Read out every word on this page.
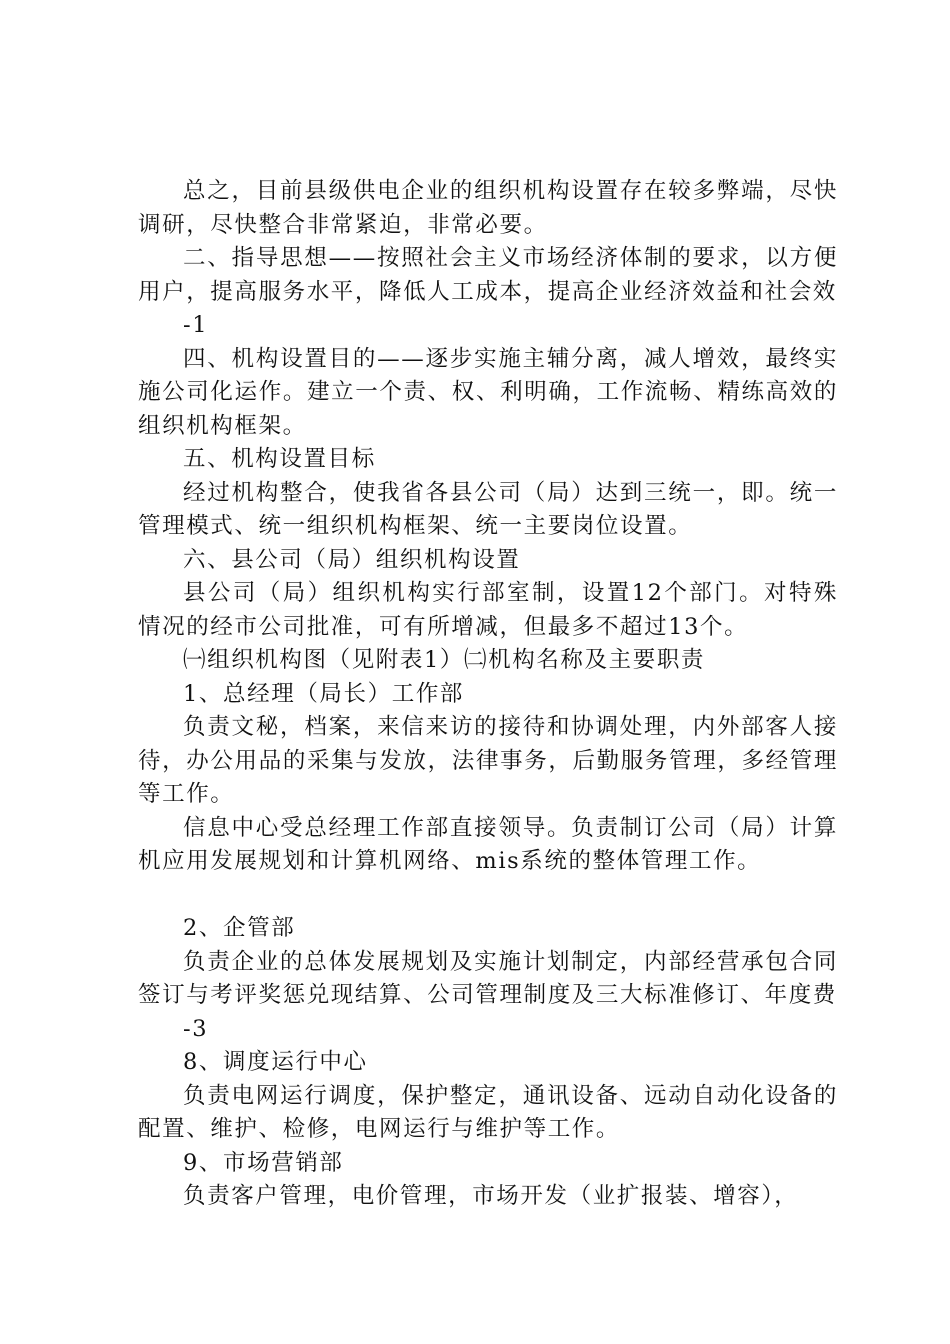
总之，目前县级供电企业的组织机构设置存在较多弊端，尽快调研，尽快整合非常紧迫，非常必要。

二、指导思想——按照社会主义市场经济体制的要求，以方便用户，提高服务水平，降低人工成本，提高企业经济效益和社会效

-1

四、机构设置目的——逐步实施主辅分离，减人增效，最终实施公司化运作。建立一个责、权、利明确，工作流畅、精练高效的组织机构框架。

五、机构设置目标

经过机构整合，使我省各县公司（局）达到三统一，即。统一管理模式、统一组织机构框架、统一主要岗位设置。

六、县公司（局）组织机构设置

县公司（局）组织机构实行部室制，设置12个部门。对特殊情况的经市公司批准，可有所增减，但最多不超过13个。

㈠组织机构图（见附表1）㈡机构名称及主要职责

1、总经理（局长）工作部

负责文秘，档案，来信来访的接待和协调处理，内外部客人接待，办公用品的采集与发放，法律事务，后勤服务管理，多经管理等工作。

信息中心受总经理工作部直接领导。负责制订公司（局）计算机应用发展规划和计算机网络、mis系统的整体管理工作。

2、企管部

负责企业的总体发展规划及实施计划制定，内部经营承包合同签订与考评奖惩兑现结算、公司管理制度及三大标准修订、年度费

-3

8、调度运行中心

负责电网运行调度，保护整定，通讯设备、远动自动化设备的配置、维护、检修，电网运行与维护等工作。

9、市场营销部

负责客户管理，电价管理，市场开发（业扩报装、增容），
